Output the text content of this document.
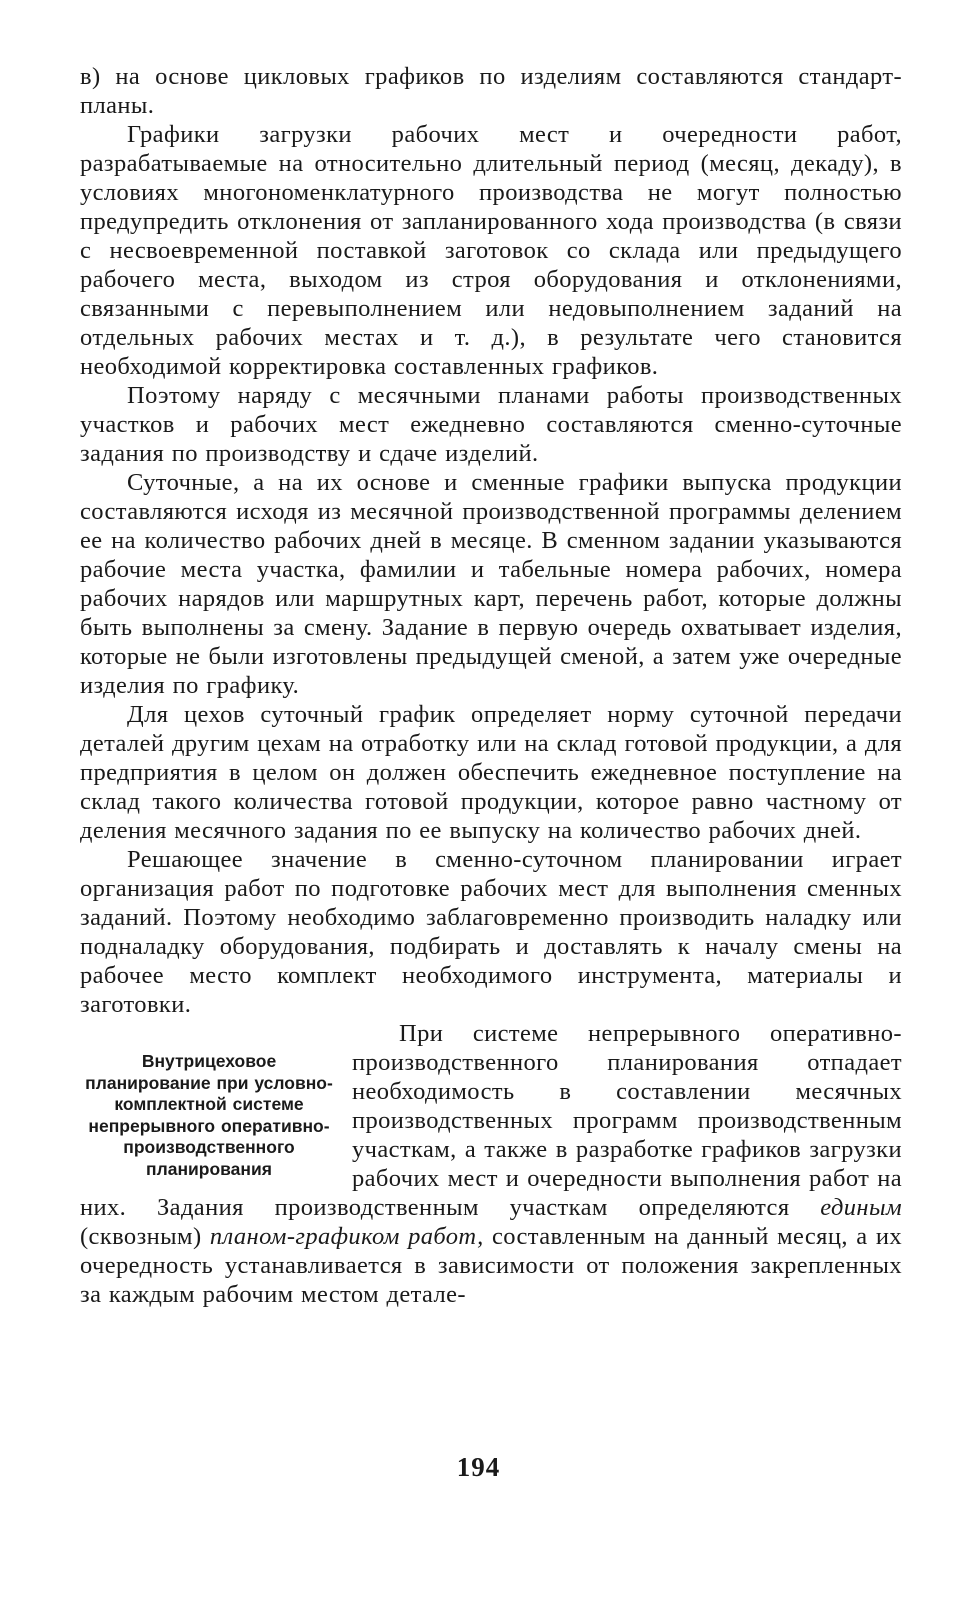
в) на основе цикловых графиков по изделиям составляются стандарт-планы.

Графики загрузки рабочих мест и очередности работ, разрабатываемые на относительно длительный период (месяц, декаду), в условиях многономенклатурного производства не могут полностью предупредить отклонения от запланированного хода производства (в связи с несвоевременной поставкой заготовок со склада или предыдущего рабочего места, выходом из строя оборудования и отклонениями, связанными с перевыполнением или недовыполнением заданий на отдельных рабочих местах и т. д.), в результате чего становится необходимой корректировка составленных графиков.

Поэтому наряду с месячными планами работы производственных участков и рабочих мест ежедневно составляются сменно-суточные задания по производству и сдаче изделий.

Суточные, а на их основе и сменные графики выпуска продукции составляются исходя из месячной производственной программы делением ее на количество рабочих дней в месяце. В сменном задании указываются рабочие места участка, фамилии и табельные номера рабочих, номера рабочих нарядов или маршрутных карт, перечень работ, которые должны быть выполнены за смену. Задание в первую очередь охватывает изделия, которые не были изготовлены предыдущей сменой, а затем уже очередные изделия по графику.

Для цехов суточный график определяет норму суточной передачи деталей другим цехам на отработку или на склад готовой продукции, а для предприятия в целом он должен обеспечить ежедневное поступление на склад такого количества готовой продукции, которое равно частному от деления месячного задания по ее выпуску на количество рабочих дней.

Решающее значение в сменно-суточном планировании играет организация работ по подготовке рабочих мест для выполнения сменных заданий. Поэтому необходимо заблаговременно производить наладку или подналадку оборудования, подбирать и доставлять к началу смены на рабочее место комплект необходимого инструмента, материалы и заготовки.

Внутрицеховое планирование при условно-комплектной системе непрерывного оперативно-производственного планирования

При системе непрерывного оперативно-производственного планирования отпадает необходимость в составлении месячных производственных программ производственным участкам, а также в разработке графиков загрузки рабочих мест и очередности выполнения работ на них. Задания производственным участкам определяются единым (сквозным) планом-графиком работ, составленным на данный месяц, а их очередность устанавливается в зависимости от положения закрепленных за каждым рабочим местом детале-

194
